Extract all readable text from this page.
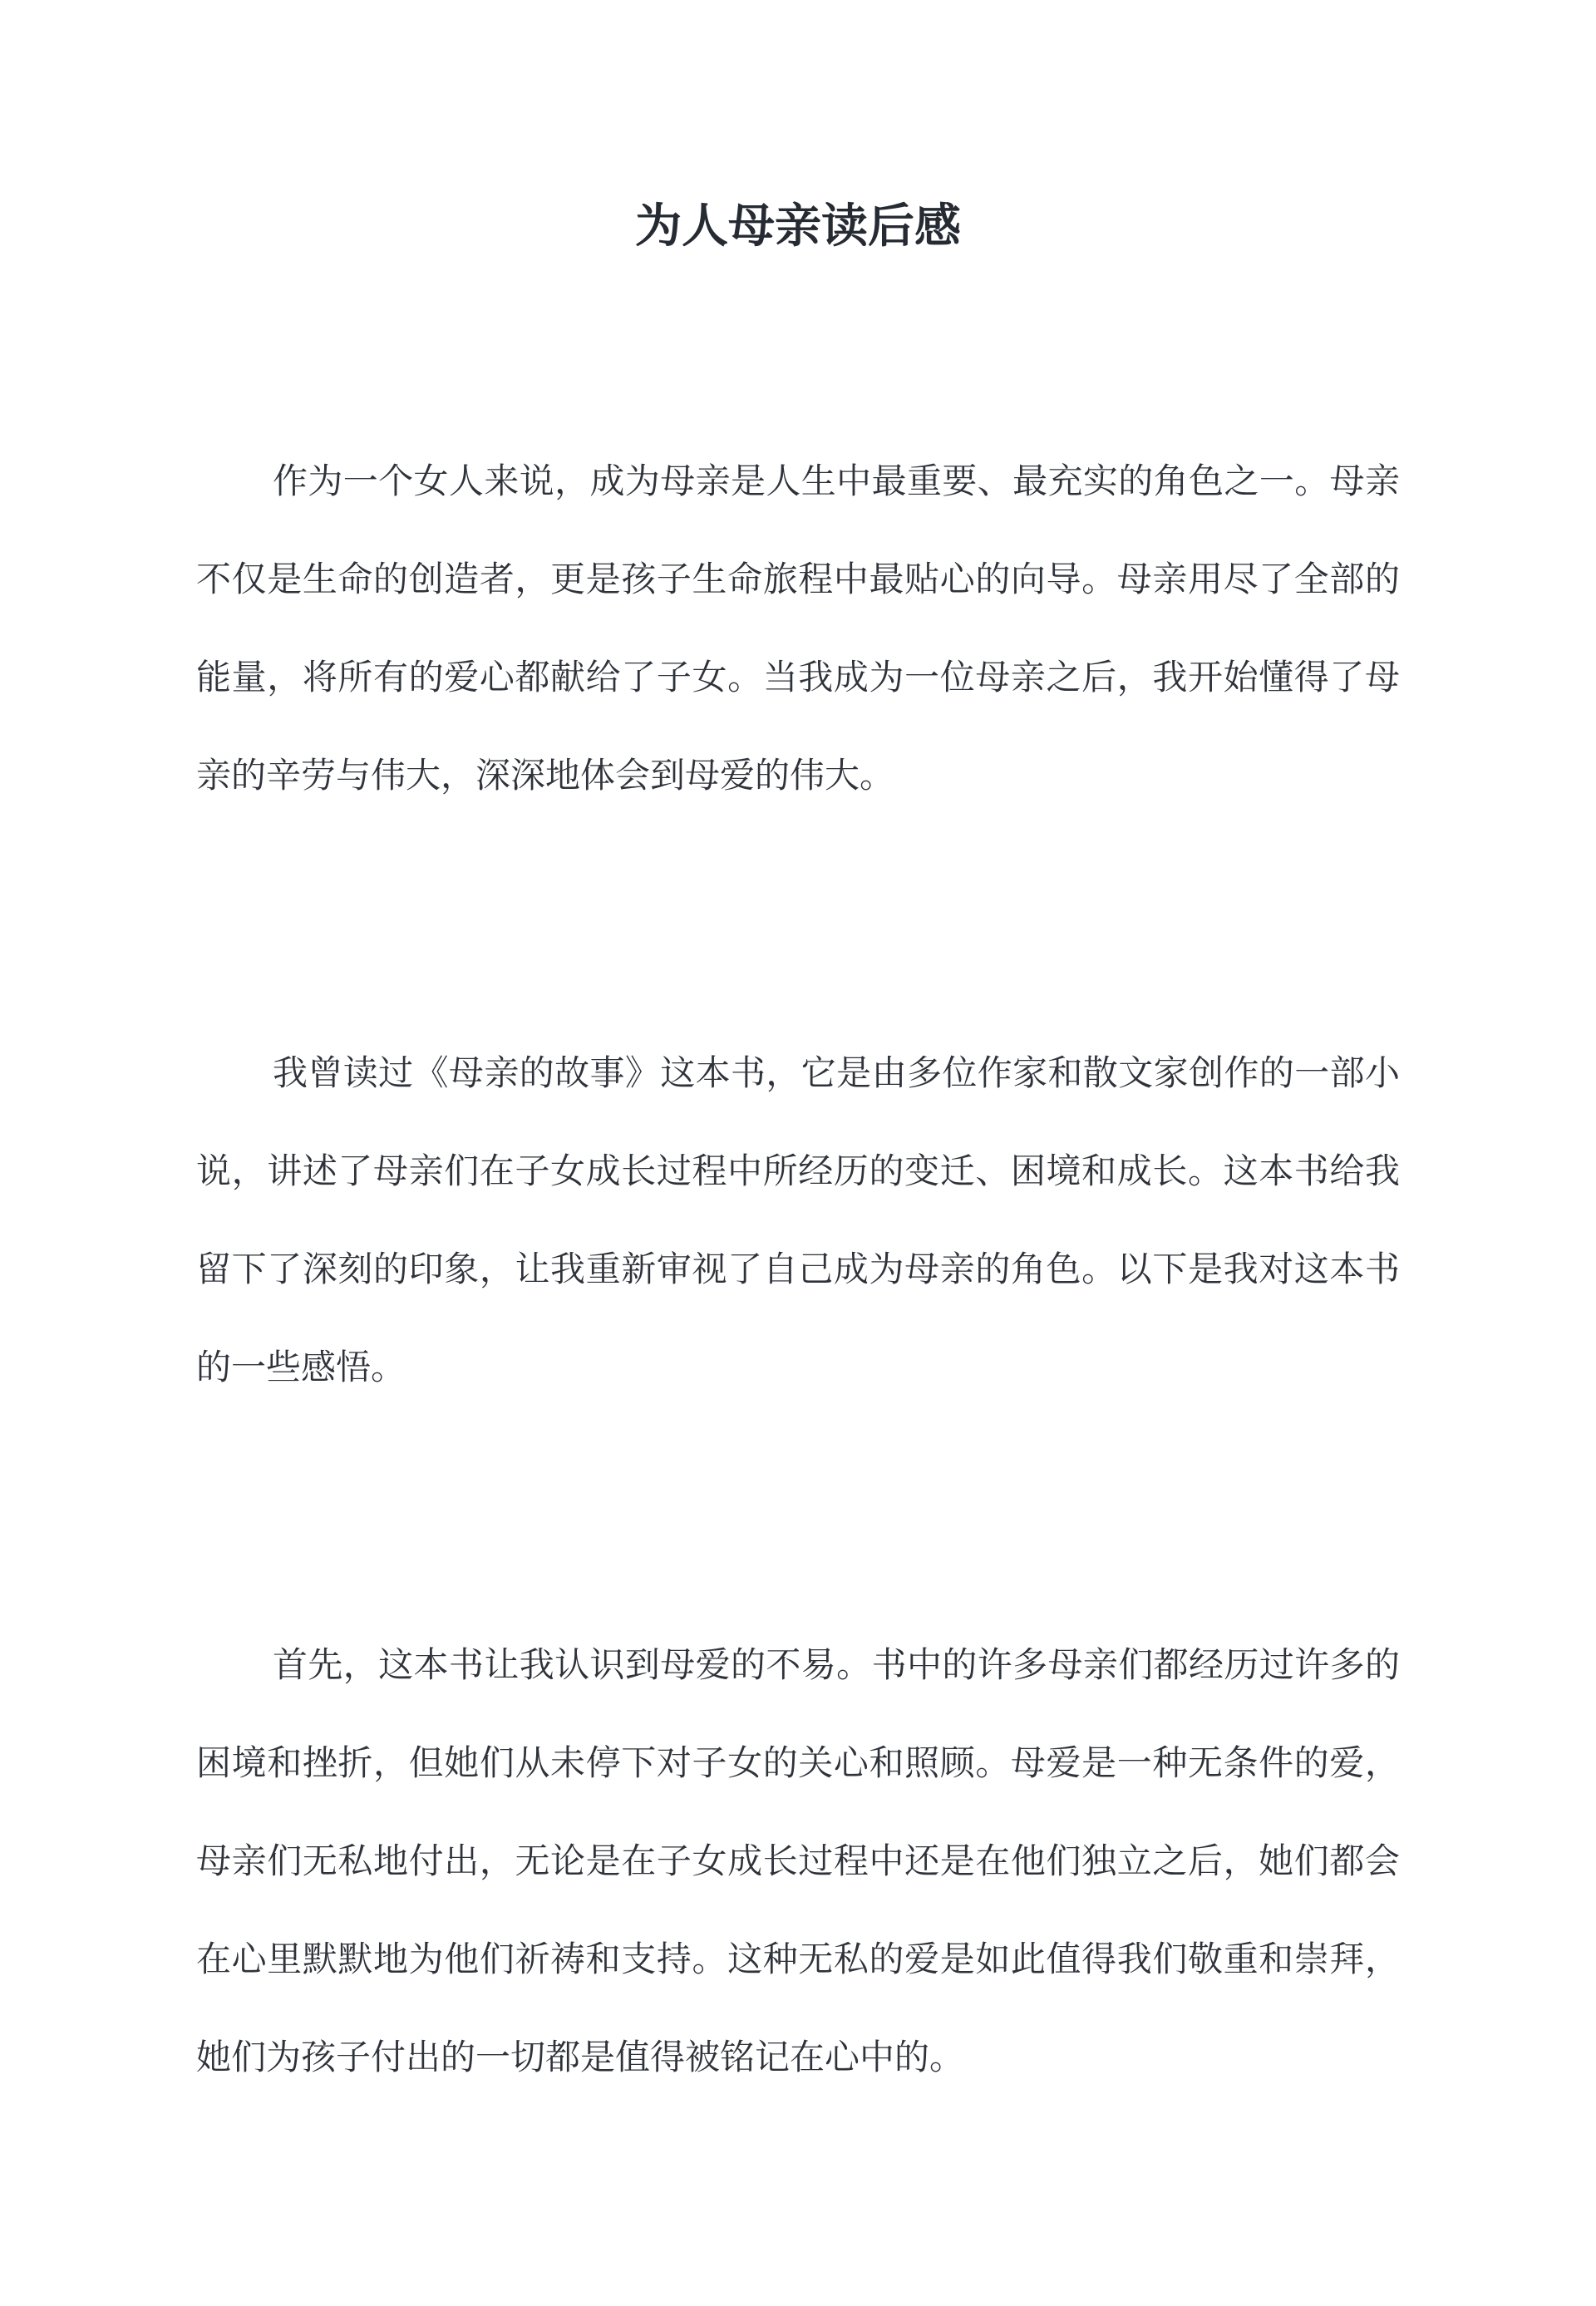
为人母亲读后感

作为一个女人来说，成为母亲是人生中最重要、最充实的角色之一。母亲不仅是生命的创造者，更是孩子生命旅程中最贴心的向导。母亲用尽了全部的能量，将所有的爱心都献给了子女。当我成为一位母亲之后，我开始懂得了母亲的辛劳与伟大，深深地体会到母爱的伟大。

我曾读过《母亲的故事》这本书，它是由多位作家和散文家创作的一部小说，讲述了母亲们在子女成长过程中所经历的变迁、困境和成长。这本书给我留下了深刻的印象，让我重新审视了自己成为母亲的角色。以下是我对这本书的一些感悟。

首先，这本书让我认识到母爱的不易。书中的许多母亲们都经历过许多的困境和挫折，但她们从未停下对子女的关心和照顾。母爱是一种无条件的爱，母亲们无私地付出，无论是在子女成长过程中还是在他们独立之后，她们都会在心里默默地为他们祈祷和支持。这种无私的爱是如此值得我们敬重和崇拜，她们为孩子付出的一切都是值得被铭记在心中的。
